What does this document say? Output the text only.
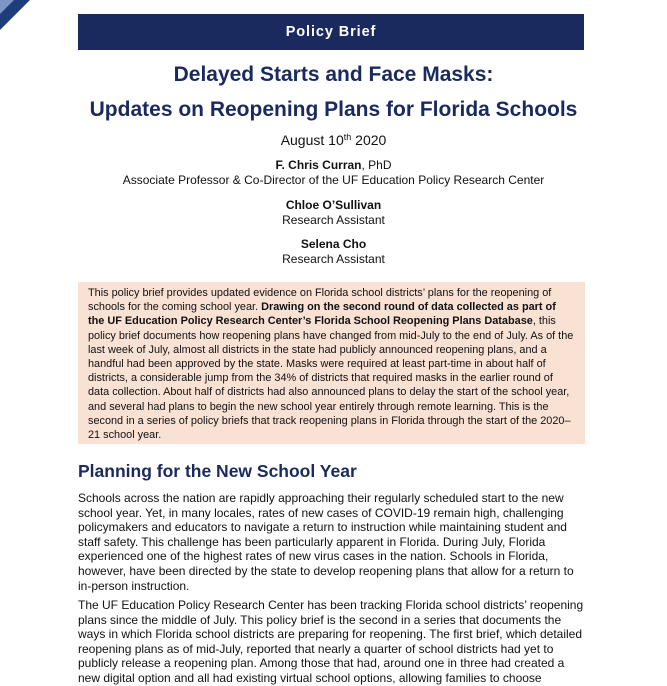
Policy Brief
Delayed Starts and Face Masks:
Updates on Reopening Plans for Florida Schools
August 10th 2020
F. Chris Curran, PhD
Associate Professor & Co-Director of the UF Education Policy Research Center
Chloe O’Sullivan
Research Assistant
Selena Cho
Research Assistant
This policy brief provides updated evidence on Florida school districts’ plans for the reopening of schools for the coming school year. Drawing on the second round of data collected as part of the UF Education Policy Research Center’s Florida School Reopening Plans Database, this policy brief documents how reopening plans have changed from mid-July to the end of July. As of the last week of July, almost all districts in the state had publicly announced reopening plans, and a handful had been approved by the state. Masks were required at least part-time in about half of districts, a considerable jump from the 34% of districts that required masks in the earlier round of data collection. About half of districts had also announced plans to delay the start of the school year, and several had plans to begin the new school year entirely through remote learning. This is the second in a series of policy briefs that track reopening plans in Florida through the start of the 2020–21 school year.
Planning for the New School Year
Schools across the nation are rapidly approaching their regularly scheduled start to the new school year. Yet, in many locales, rates of new cases of COVID-19 remain high, challenging policymakers and educators to navigate a return to instruction while maintaining student and staff safety. This challenge has been particularly apparent in Florida. During July, Florida experienced one of the highest rates of new virus cases in the nation. Schools in Florida, however, have been directed by the state to develop reopening plans that allow for a return to in-person instruction.
The UF Education Policy Research Center has been tracking Florida school districts’ reopening plans since the middle of July. This policy brief is the second in a series that documents the ways in which Florida school districts are preparing for reopening. The first brief, which detailed reopening plans as of mid-July, reported that nearly a quarter of school districts had yet to publicly release a reopening plan. Among those that had, around one in three had created a new digital option and all had existing virtual school options, allowing families to choose
